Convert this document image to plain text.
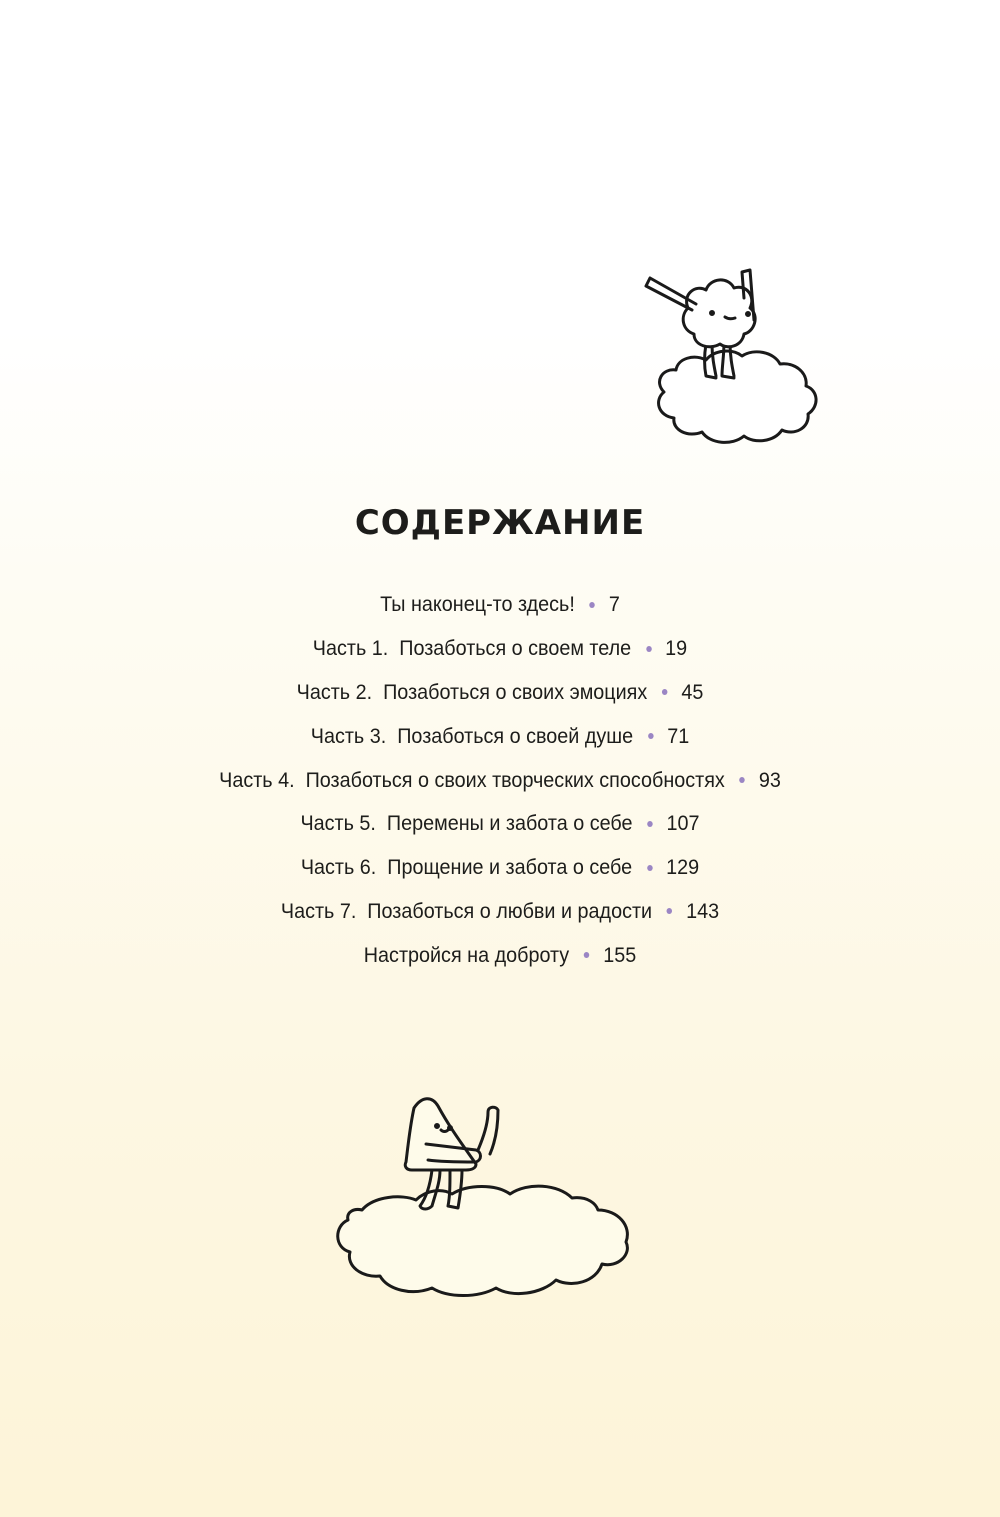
СОДЕРЖАНИЕ
Ты наконец-то здесь! 7
Часть 1.  Позаботься о своем теле 19
Часть 2.  Позаботься о своих эмоциях 45
Часть 3.  Позаботься о своей душе 71
Часть 4.  Позаботься о своих творческих способностях 93
Часть 5.  Перемены и забота о себе 107
Часть 6.  Прощение и забота о себе 129
Часть 7.  Позаботься о любви и радости 143
Настройся на доброту 155
